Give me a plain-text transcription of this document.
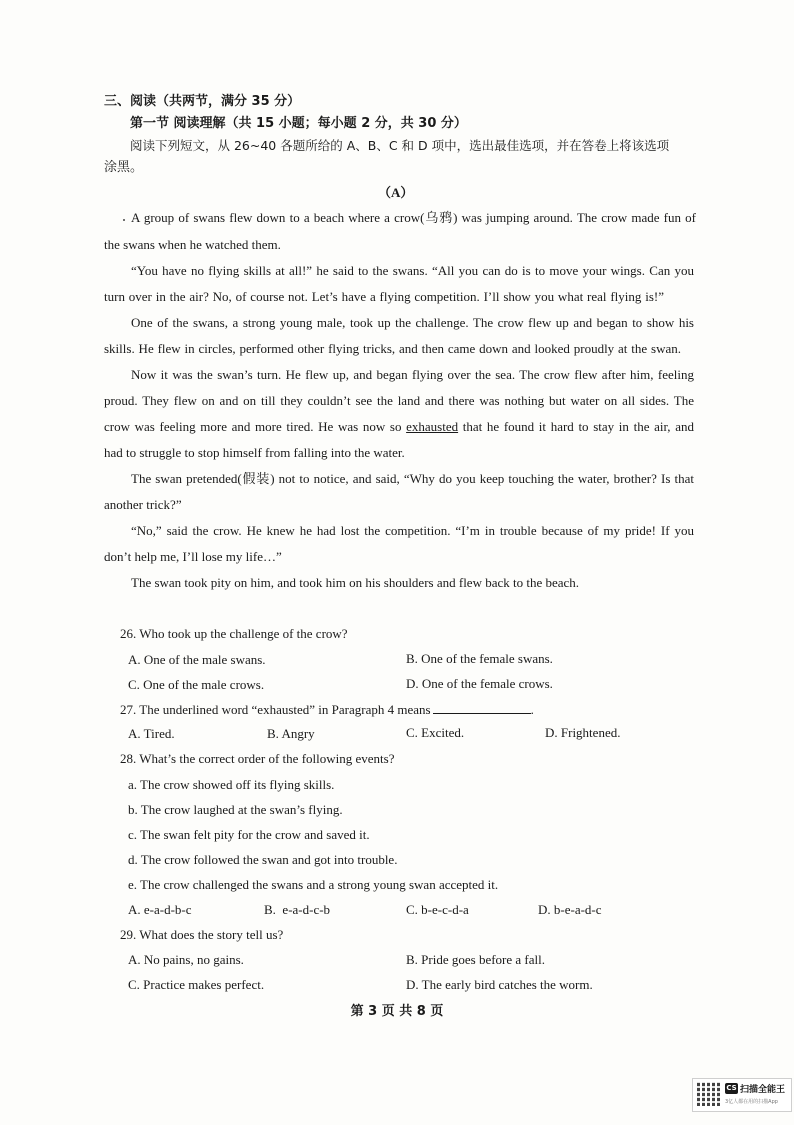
三、阅读（共两节，满分 35 分）
第一节 阅读理解（共 15 小题；每小题 2 分，共 30 分）
阅读下列短文，从 26~40 各题所给的 A、B、C 和 D 项中，选出最佳选项，并在答卷上将该选项
涂黑。
（A）
A group of swans flew down to a beach where a crow(乌鸦) was jumping around. The crow made fun of
the swans when he watched them.
“You have no flying skills at all!” he said to the swans. “All you can do is to move your wings. Can you
turn over in the air? No, of course not. Let’s have a flying competition. I’ll show you what real flying is!”
One of the swans, a strong young male, took up the challenge. The crow flew up and began to show his
skills. He flew in circles, performed other flying tricks, and then came down and looked proudly at the swan.
Now it was the swan’s turn. He flew up, and began flying over the sea. The crow flew after him, feeling
proud. They flew on and on till they couldn’t see the land and there was nothing but water on all sides. The
crow was feeling more and more tired. He was now so exhausted that he found it hard to stay in the air, and
had to struggle to stop himself from falling into the water.
The swan pretended(假装) not to notice, and said, “Why do you keep touching the water, brother? Is that
another trick?”
“No,” said the crow. He knew he had lost the competition. “I’m in trouble because of my pride! If you
don’t help me, I’ll lose my life…”
The swan took pity on him, and took him on his shoulders and flew back to the beach.
26. Who took up the challenge of the crow?
A. One of the male swans.	B. One of the female swans.
C. One of the male crows.	D. One of the female crows.
27. The underlined word “exhausted” in Paragraph 4 means	.
A. Tired.	B. Angry	C. Excited.	D. Frightened.
28. What’s the correct order of the following events?
a. The crow showed off its flying skills.
b. The crow laughed at the swan’s flying.
c. The swan felt pity for the crow and saved it.
d. The crow followed the swan and got into trouble.
e. The crow challenged the swans and a strong young swan accepted it.
A. e-a-d-b-c	B.  e-a-d-c-b	C. b-e-c-d-a	D. b-e-a-d-c
29. What does the story tell us?
A. No pains, no gains.	B. Pride goes before a fall.
C. Practice makes perfect.	D. The early bird catches the worm.
第 3 页 共 8 页
CS 扫描全能王
3亿人都在用的扫描App
